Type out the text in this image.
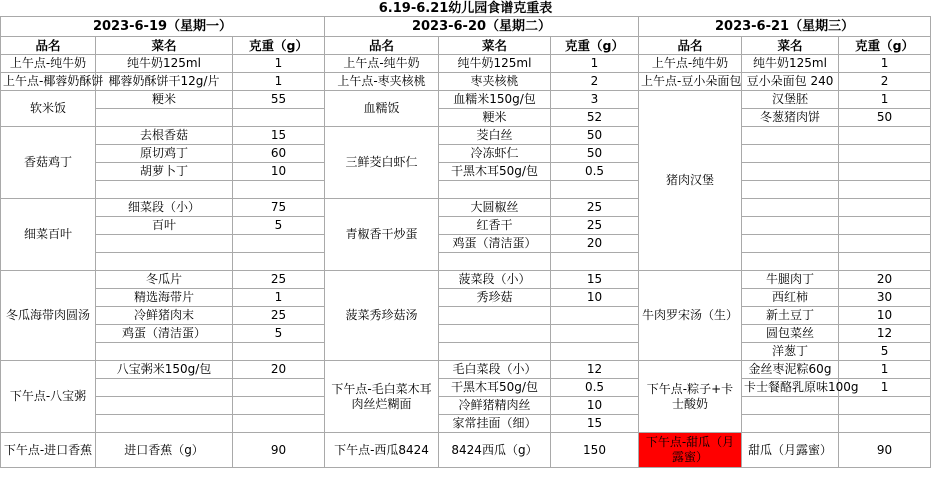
6.19-6.21幼儿园食谱克重表								
2023-6-19（星期一）			2023-6-20（星期二）			2023-6-21（星期三）		
品名	菜名	克重（g）	品名	菜名	克重（g）	品名	菜名	克重（g）
上午点-纯牛奶	纯牛奶125ml	1	上午点-纯牛奶	纯牛奶125ml	1	上午点-纯牛奶	纯牛奶125ml	1
上午点-椰蓉奶酥饼	椰蓉奶酥饼干12g/片	1	上午点-枣夹核桃	枣夹核桃	2	上午点-豆小朵面包	豆小朵面包 240	2
软米饭	粳米	55	血糯饭	血糯米150g/包	3	猪肉汉堡	汉堡胚	1
				粳米	52		冬葱猪肉饼	50
香菇鸡丁	去根香菇	15	三鲜茭白虾仁	茭白丝	50			
	原切鸡丁	60		冷冻虾仁	50			
	胡萝卜丁	10		干黑木耳50g/包	0.5			

细菜百叶	细菜段（小）	75	青椒香干炒蛋	大圆椒丝	25			
	百叶	5		红香干	25			
				鸡蛋（清洁蛋）	20			

冬瓜海带肉圆汤	冬瓜片	25	菠菜秀珍菇汤	菠菜段（小）	15	牛肉罗宋汤（生）	牛腿肉丁	20
	精选海带片	1		秀珍菇	10		西红柿	30
	冷鲜猪肉末	25					新土豆丁	10
	鸡蛋（清洁蛋）	5					圆包菜丝	12
							洋葱丁	5
下午点-八宝粥	八宝粥米150g/包	20	下午点-毛白菜木耳肉丝烂糊面	毛白菜段（小）	12	下午点-粽子+卡士酸奶	金丝枣泥粽60g	1
				干黑木耳50g/包	0.5		卡士餐酪乳原味100g	1
				冷鲜猪精肉丝	10			
				家常挂面（细）	15			
下午点-进口香蕉	进口香蕉（g）	90	下午点-西瓜8424	8424西瓜（g）	150	下午点-甜瓜（月露蜜）	甜瓜（月露蜜）	90
